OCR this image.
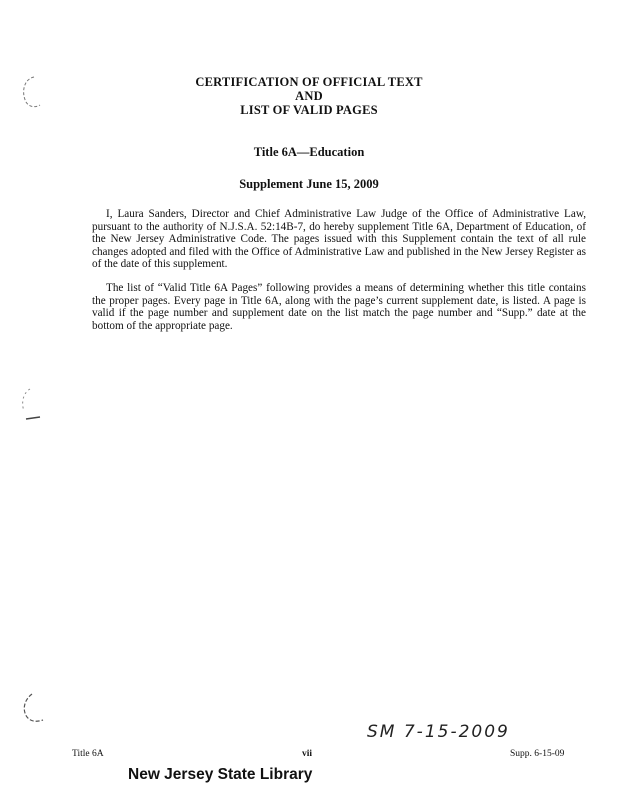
CERTIFICATION OF OFFICIAL TEXT
AND
LIST OF VALID PAGES
Title 6A—Education
Supplement June 15, 2009

I, Laura Sanders, Director and Chief Administrative Law Judge of the Office of Administrative Law, pursuant to the authority of N.J.S.A. 52:14B-7, do hereby supplement Title 6A, Department of Education, of the New Jersey Administrative Code. The pages issued with this Supplement contain the text of all rule changes adopted and filed with the Office of Administrative Law and published in the New Jersey Register as of the date of this supplement.

The list of “Valid Title 6A Pages” following provides a means of determining whether this title contains the proper pages. Every page in Title 6A, along with the page’s current supplement date, is listed. A page is valid if the page number and supplement date on the list match the page number and “Supp.” date at the bottom of the appropriate page.

SM 7-15-2009
Title 6A	vii	Supp. 6-15-09
New Jersey State Library
